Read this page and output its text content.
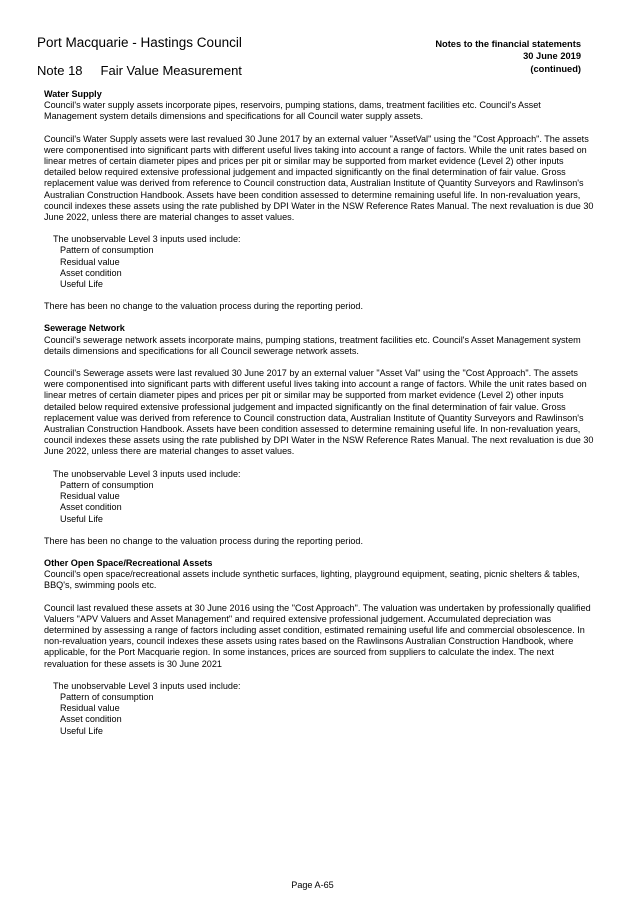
Port Macquarie - Hastings Council
Note 18 Fair Value Measurement
Notes to the financial statements
30 June 2019
(continued)

Water Supply

Council's water supply assets incorporate pipes, reservoirs, pumping stations, dams, treatment facilities etc. Council's Asset Management system details dimensions and specifications for all Council water supply assets.

Council's Water Supply assets were last revalued 30 June 2017 by an external valuer "AssetVal" using the "Cost Approach". The assets were componentised into significant parts with different useful lives taking into account a range of factors. While the unit rates based on linear metres of certain diameter pipes and prices per pit or similar may be supported from market evidence (Level 2) other inputs detailed below required extensive professional judgement and impacted significantly on the final determination of fair value. Gross replacement value was derived from reference to Council construction data, Australian Institute of Quantity Surveyors and Rawlinson's Australian Construction Handbook. Assets have been condition assessed to determine remaining useful life. In non-revaluation years, council indexes these assets using the rate published by DPI Water in the NSW Reference Rates Manual. The next revaluation is due 30 June 2022, unless there are material changes to asset values.

The unobservable Level 3 inputs used include:

Pattern of consumption
Residual value
Asset condition
Useful Life

There has been no change to the valuation process during the reporting period.

Sewerage Network

Council's sewerage network assets incorporate mains, pumping stations, treatment facilities etc. Council's Asset Management system details dimensions and specifications for all Council sewerage network assets.

Council's Sewerage assets were last revalued 30 June 2017 by an external valuer "Asset Val" using the "Cost Approach". The assets were componentised into significant parts with different useful lives taking into account a range of factors. While the unit rates based on linear metres of certain diameter pipes and prices per pit or similar may be supported from market evidence (Level 2) other inputs detailed below required extensive professional judgement and impacted significantly on the final determination of fair value. Gross replacement value was derived from reference to Council construction data, Australian Institute of Quantity Surveyors and Rawlinson's Australian Construction Handbook. Assets have been condition assessed to determine remaining useful life. In non-revaluation years, council indexes these assets using the rate published by DPI Water in the NSW Reference Rates Manual. The next revaluation is due 30 June 2022, unless there are material changes to asset values.

The unobservable Level 3 inputs used include:

Pattern of consumption
Residual value
Asset condition
Useful Life

There has been no change to the valuation process during the reporting period.

Other Open Space/Recreational Assets

Council's open space/recreational assets include synthetic surfaces, lighting, playground equipment, seating, picnic shelters & tables, BBQ's, swimming pools etc.

Council last revalued these assets at 30 June 2016 using the "Cost Approach". The valuation was undertaken by professionally qualified Valuers "APV Valuers and Asset Management" and required extensive professional judgement. Accumulated depreciation was determined by assessing a range of factors including asset condition, estimated remaining useful life and commercial obsolescence. In non-revaluation years, council indexes these assets using rates based on the Rawlinsons Australian Construction Handbook, where applicable, for the Port Macquarie region. In some instances, prices are sourced from suppliers to calculate the index. The next revaluation for these assets is 30 June 2021

The unobservable Level 3 inputs used include:

Pattern of consumption
Residual value
Asset condition
Useful Life
Page A-65
